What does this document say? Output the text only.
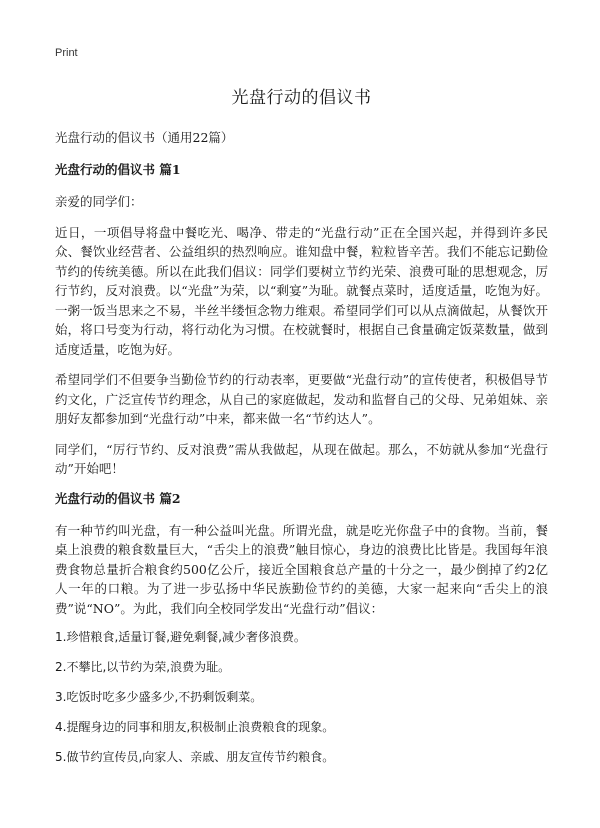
Print
光盘行动的倡议书

光盘行动的倡议书（通用22篇）

光盘行动的倡议书 篇1

亲爱的同学们：

近日，一项倡导将盘中餐吃光、喝净、带走的“光盘行动”正在全国兴起，并得到许多民众、餐饮业经营者、公益组织的热烈响应。谁知盘中餐，粒粒皆辛苦。我们不能忘记勤俭节约的传统美德。所以在此我们倡议：同学们要树立节约光荣、浪费可耻的思想观念，厉行节约，反对浪费。以“光盘”为荣，以“剩宴”为耻。就餐点菜时，适度适量，吃饱为好。一粥一饭当思来之不易，半丝半缕恒念物力维艰。希望同学们可以从点滴做起，从餐饮开始，将口号变为行动，将行动化为习惯。在校就餐时，根据自己食量确定饭菜数量，做到适度适量，吃饱为好。

希望同学们不但要争当勤俭节约的行动表率，更要做“光盘行动”的宣传使者，积极倡导节约文化，广泛宣传节约理念，从自己的家庭做起，发动和监督自己的父母、兄弟姐妹、亲朋好友都参加到“光盘行动”中来，都来做一名“节约达人”。

同学们，“厉行节约、反对浪费”需从我做起，从现在做起。那么，不妨就从参加“光盘行动”开始吧！

光盘行动的倡议书 篇2

有一种节约叫光盘，有一种公益叫光盘。所谓光盘，就是吃光你盘子中的食物。当前，餐桌上浪费的粮食数量巨大，“舌尖上的浪费”触目惊心，身边的浪费比比皆是。我国每年浪费食物总量折合粮食约500亿公斤，接近全国粮食总产量的十分之一，最少倒掉了约2亿人一年的口粮。为了进一步弘扬中华民族勤俭节约的美德，大家一起来向“舌尖上的浪费”说“NO”。为此，我们向全校同学发出“光盘行动”倡议：

1.珍惜粮食,适量订餐,避免剩餐,减少奢侈浪费。

2.不攀比,以节约为荣,浪费为耻。

3.吃饭时吃多少盛多少,不扔剩饭剩菜。

4.提醒身边的同事和朋友,积极制止浪费粮食的现象。

5.做节约宣传员,向家人、亲戚、朋友宣传节约粮食。
